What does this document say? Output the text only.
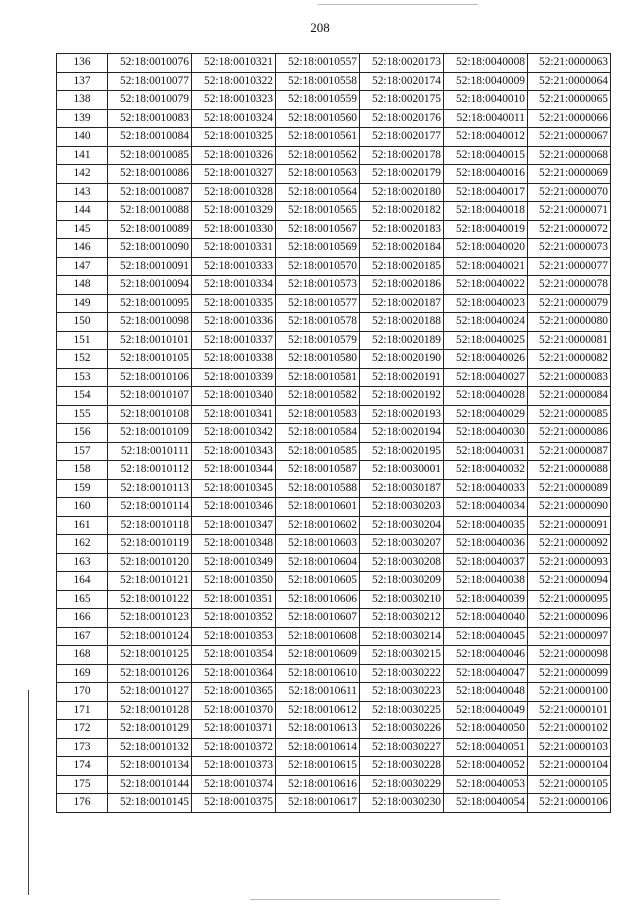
208
136	52:18:0010076	52:18:0010321	52:18:0010557	52:18:0020173	52:18:0040008	52:21:0000063
137	52:18:0010077	52:18:0010322	52:18:0010558	52:18:0020174	52:18:0040009	52:21:0000064
138	52:18:0010079	52:18:0010323	52:18:0010559	52:18:0020175	52:18:0040010	52:21:0000065
139	52:18:0010083	52:18:0010324	52:18:0010560	52:18:0020176	52:18:0040011	52:21:0000066
140	52:18:0010084	52:18:0010325	52:18:0010561	52:18:0020177	52:18:0040012	52:21:0000067
141	52:18:0010085	52:18:0010326	52:18:0010562	52:18:0020178	52:18:0040015	52:21:0000068
142	52:18:0010086	52:18:0010327	52:18:0010563	52:18:0020179	52:18:0040016	52:21:0000069
143	52:18:0010087	52:18:0010328	52:18:0010564	52:18:0020180	52:18:0040017	52:21:0000070
144	52:18:0010088	52:18:0010329	52:18:0010565	52:18:0020182	52:18:0040018	52:21:0000071
145	52:18:0010089	52:18:0010330	52:18:0010567	52:18:0020183	52:18:0040019	52:21:0000072
146	52:18:0010090	52:18:0010331	52:18:0010569	52:18:0020184	52:18:0040020	52:21:0000073
147	52:18:0010091	52:18:0010333	52:18:0010570	52:18:0020185	52:18:0040021	52:21:0000077
148	52:18:0010094	52:18:0010334	52:18:0010573	52:18:0020186	52:18:0040022	52:21:0000078
149	52:18:0010095	52:18:0010335	52:18:0010577	52:18:0020187	52:18:0040023	52:21:0000079
150	52:18:0010098	52:18:0010336	52:18:0010578	52:18:0020188	52:18:0040024	52:21:0000080
151	52:18:0010101	52:18:0010337	52:18:0010579	52:18:0020189	52:18:0040025	52:21:0000081
152	52:18:0010105	52:18:0010338	52:18:0010580	52:18:0020190	52:18:0040026	52:21:0000082
153	52:18:0010106	52:18:0010339	52:18:0010581	52:18:0020191	52:18:0040027	52:21:0000083
154	52:18:0010107	52:18:0010340	52:18:0010582	52:18:0020192	52:18:0040028	52:21:0000084
155	52:18:0010108	52:18:0010341	52:18:0010583	52:18:0020193	52:18:0040029	52:21:0000085
156	52:18:0010109	52:18:0010342	52:18:0010584	52:18:0020194	52:18:0040030	52:21:0000086
157	52:18:0010111	52:18:0010343	52:18:0010585	52:18:0020195	52:18:0040031	52:21:0000087
158	52:18:0010112	52:18:0010344	52:18:0010587	52:18:0030001	52:18:0040032	52:21:0000088
159	52:18:0010113	52:18:0010345	52:18:0010588	52:18:0030187	52:18:0040033	52:21:0000089
160	52:18:0010114	52:18:0010346	52:18:0010601	52:18:0030203	52:18:0040034	52:21:0000090
161	52:18:0010118	52:18:0010347	52:18:0010602	52:18:0030204	52:18:0040035	52:21:0000091
162	52:18:0010119	52:18:0010348	52:18:0010603	52:18:0030207	52:18:0040036	52:21:0000092
163	52:18:0010120	52:18:0010349	52:18:0010604	52:18:0030208	52:18:0040037	52:21:0000093
164	52:18:0010121	52:18:0010350	52:18:0010605	52:18:0030209	52:18:0040038	52:21:0000094
165	52:18:0010122	52:18:0010351	52:18:0010606	52:18:0030210	52:18:0040039	52:21:0000095
166	52:18:0010123	52:18:0010352	52:18:0010607	52:18:0030212	52:18:0040040	52:21:0000096
167	52:18:0010124	52:18:0010353	52:18:0010608	52:18:0030214	52:18:0040045	52:21:0000097
168	52:18:0010125	52:18:0010354	52:18:0010609	52:18:0030215	52:18:0040046	52:21:0000098
169	52:18:0010126	52:18:0010364	52:18:0010610	52:18:0030222	52:18:0040047	52:21:0000099
170	52:18:0010127	52:18:0010365	52:18:0010611	52:18:0030223	52:18:0040048	52:21:0000100
171	52:18:0010128	52:18:0010370	52:18:0010612	52:18:0030225	52:18:0040049	52:21:0000101
172	52:18:0010129	52:18:0010371	52:18:0010613	52:18:0030226	52:18:0040050	52:21:0000102
173	52:18:0010132	52:18:0010372	52:18:0010614	52:18:0030227	52:18:0040051	52:21:0000103
174	52:18:0010134	52:18:0010373	52:18:0010615	52:18:0030228	52:18:0040052	52:21:0000104
175	52:18:0010144	52:18:0010374	52:18:0010616	52:18:0030229	52:18:0040053	52:21:0000105
176	52:18:0010145	52:18:0010375	52:18:0010617	52:18:0030230	52:18:0040054	52:21:0000106
